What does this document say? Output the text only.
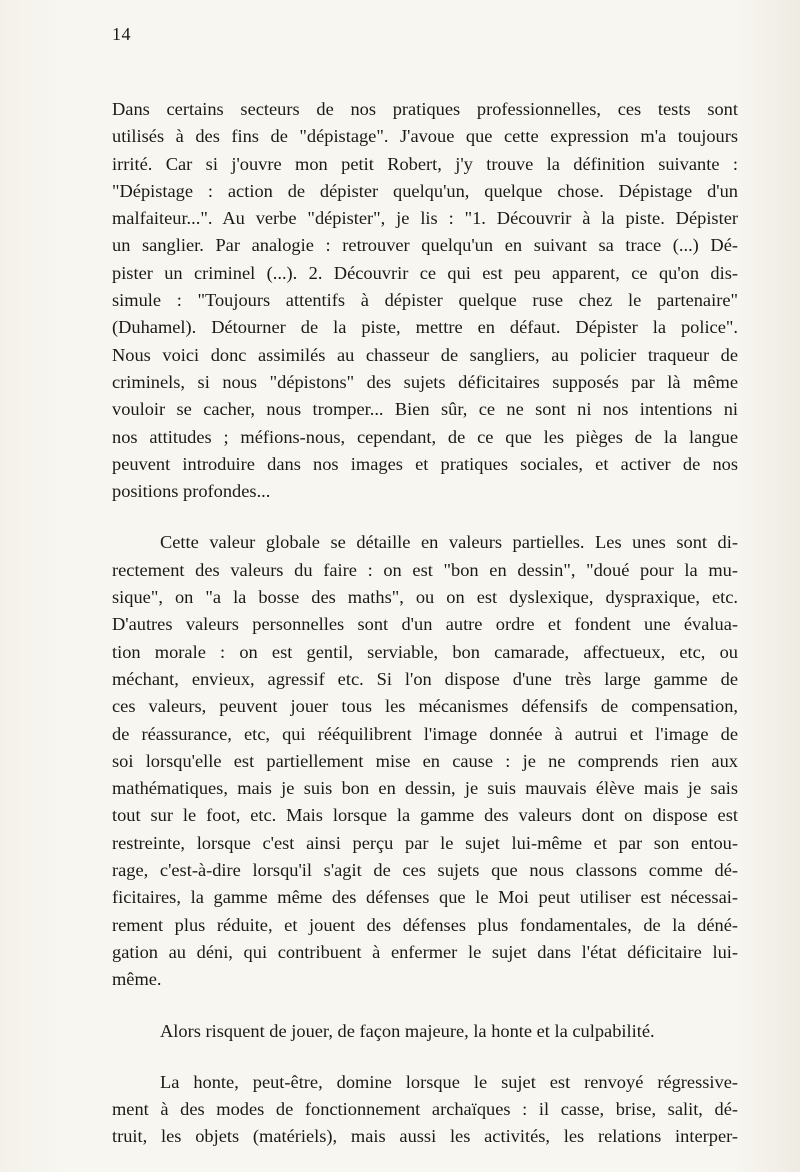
14
Dans certains secteurs de nos pratiques professionnelles, ces tests sont
utilisés à des fins de "dépistage". J'avoue que cette expression m'a toujours
irrité. Car si j'ouvre mon petit Robert, j'y trouve la définition suivante :
"Dépistage : action de dépister quelqu'un, quelque chose. Dépistage d'un
malfaiteur...". Au verbe "dépister", je lis : "1. Découvrir à la piste. Dépister
un sanglier. Par analogie : retrouver quelqu'un en suivant sa trace (...) Dé-
pister un criminel (...). 2. Découvrir ce qui est peu apparent, ce qu'on dis-
simule : "Toujours attentifs à dépister quelque ruse chez le partenaire"
(Duhamel). Détourner de la piste, mettre en défaut. Dépister la police".
Nous voici donc assimilés au chasseur de sangliers, au policier traqueur de
criminels, si nous "dépistons" des sujets déficitaires supposés par là même
vouloir se cacher, nous tromper... Bien sûr, ce ne sont ni nos intentions ni
nos attitudes ; méfions-nous, cependant, de ce que les pièges de la langue
peuvent introduire dans nos images et pratiques sociales, et activer de nos
positions profondes...
Cette valeur globale se détaille en valeurs partielles. Les unes sont di-
rectement des valeurs du faire : on est "bon en dessin", "doué pour la mu-
sique", on "a la bosse des maths", ou on est dyslexique, dyspraxique, etc.
D'autres valeurs personnelles sont d'un autre ordre et fondent une évalua-
tion morale : on est gentil, serviable, bon camarade, affectueux, etc, ou
méchant, envieux, agressif etc. Si l'on dispose d'une très large gamme de
ces valeurs, peuvent jouer tous les mécanismes défensifs de compensation,
de réassurance, etc, qui rééquilibrent l'image donnée à autrui et l'image de
soi lorsqu'elle est partiellement mise en cause : je ne comprends rien aux
mathématiques, mais je suis bon en dessin, je suis mauvais élève mais je sais
tout sur le foot, etc. Mais lorsque la gamme des valeurs dont on dispose est
restreinte, lorsque c'est ainsi perçu par le sujet lui-même et par son entou-
rage, c'est-à-dire lorsqu'il s'agit de ces sujets que nous classons comme dé-
ficitaires, la gamme même des défenses que le Moi peut utiliser est nécessai-
rement plus réduite, et jouent des défenses plus fondamentales, de la déné-
gation au déni, qui contribuent à enfermer le sujet dans l'état déficitaire lui-
même.
Alors risquent de jouer, de façon majeure, la honte et la culpabilité.
La honte, peut-être, domine lorsque le sujet est renvoyé régressive-
ment à des modes de fonctionnement archaïques : il casse, brise, salit, dé-
truit, les objets (matériels), mais aussi les activités, les relations interper-
